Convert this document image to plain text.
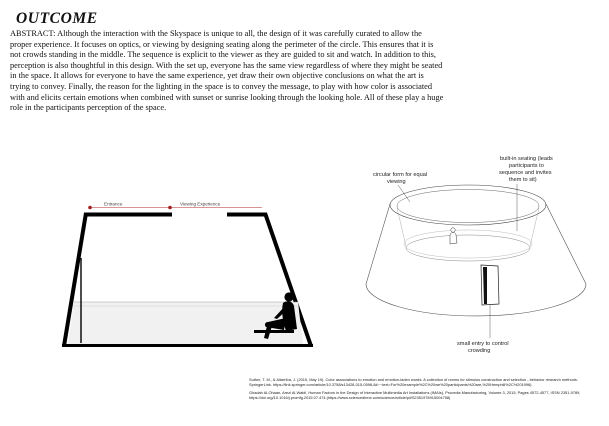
OUTCOME

ABSTRACT: Although the interaction with the Skyspace is unique to all, the design of it was carefully curated to allow the proper experience. It focuses on optics, or viewing by designing seating along the perimeter of the circle. This ensures that it is not crowds standing in the middle. The sequence is explicit to the viewer as they are guided to sit and watch. In addition to this, perception is also thoughtful in this design. With the set up, everyone has the same view regardless of where they might be seated in the space. It allows for everyone to have the same experience, yet draw their own objective conclusions on what the art is trying to convey. Finally, the reason for the lighting in the space is to convey the message, to play with how color is associated with and elicits certain emotions when combined with sunset or sunrise looking through the looking hole. All of these play a huge role in the participants perception of the space.

Entrance	Viewing Experience
circular form for equal
viewing
built-in seating (leads
participants to
sequence and invites
them to sit)
small entry to control
crowding

Sutton, T. M., & Altarriba, J. (2015, May 19). Color associations to emotion and emotion-laden words: A collection of norms for stimulus construction and selection - behavior research methods. SpringerLink. https://link.springer.com/article/10.3758/s13428-015-0598-8#:~:text=For%20example%2C%20we%20participants%20are,%20Hemphill%2C%201996).

Ghadah Al-Ohaan, Arezi Al-Wabil, Human Factors in the Design of Interactive Multimedia Art Installations (IMAIs), Procedia Manufacturing, Volume 3, 2015, Pages 4572-4577, ISSN 2351-9789, https://doi.org/10.1016/j.promfg.2015.07.474.(https://www.sciencedirect.com/science/article/pii/S2351978915004758)
